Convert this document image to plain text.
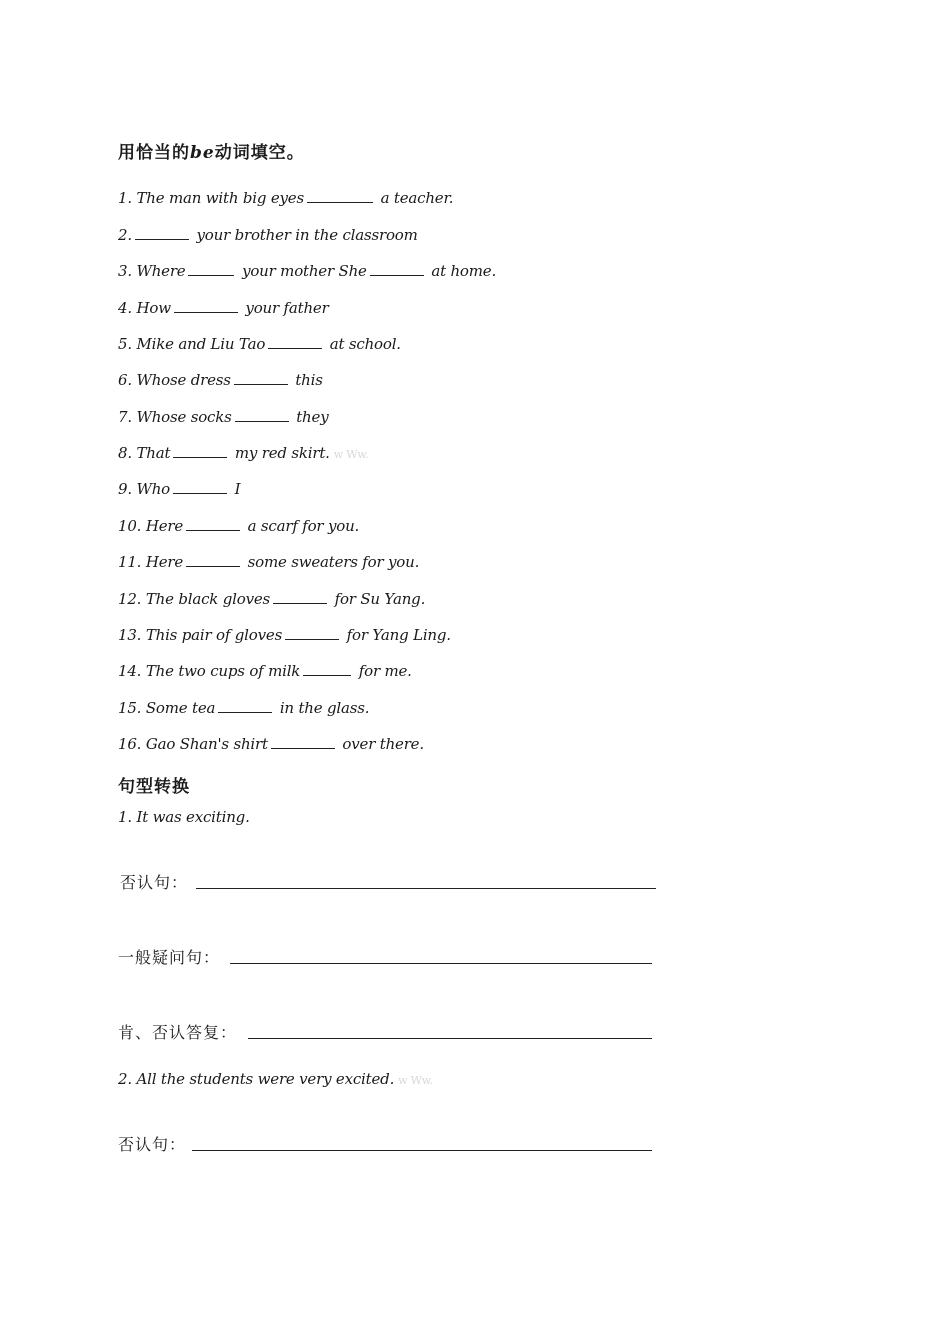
用恰当的be动词填空。
1. The man with big eyes	a teacher.
2.	your brother in the classroom
3. Where	your mother She	at home.
4. How	your father
5. Mike and Liu Tao	at school.
6. Whose dress	this
7. Whose socks	they
8. That	my red skirt. w Ww.
9. Who	I
10. Here	a scarf for you.
11. Here	some sweaters for you.
12. The black gloves	for Su Yang.
13. This pair of gloves	for Yang Ling.
14. The two cups of milk	for me.
15. Some tea	in the glass.
16. Gao Shan's shirt	over there.
句型转换
1. It was exciting.
否认句：
一般疑问句：
肯、否认答复：
2. All the students were very excited. w Ww.
否认句：
